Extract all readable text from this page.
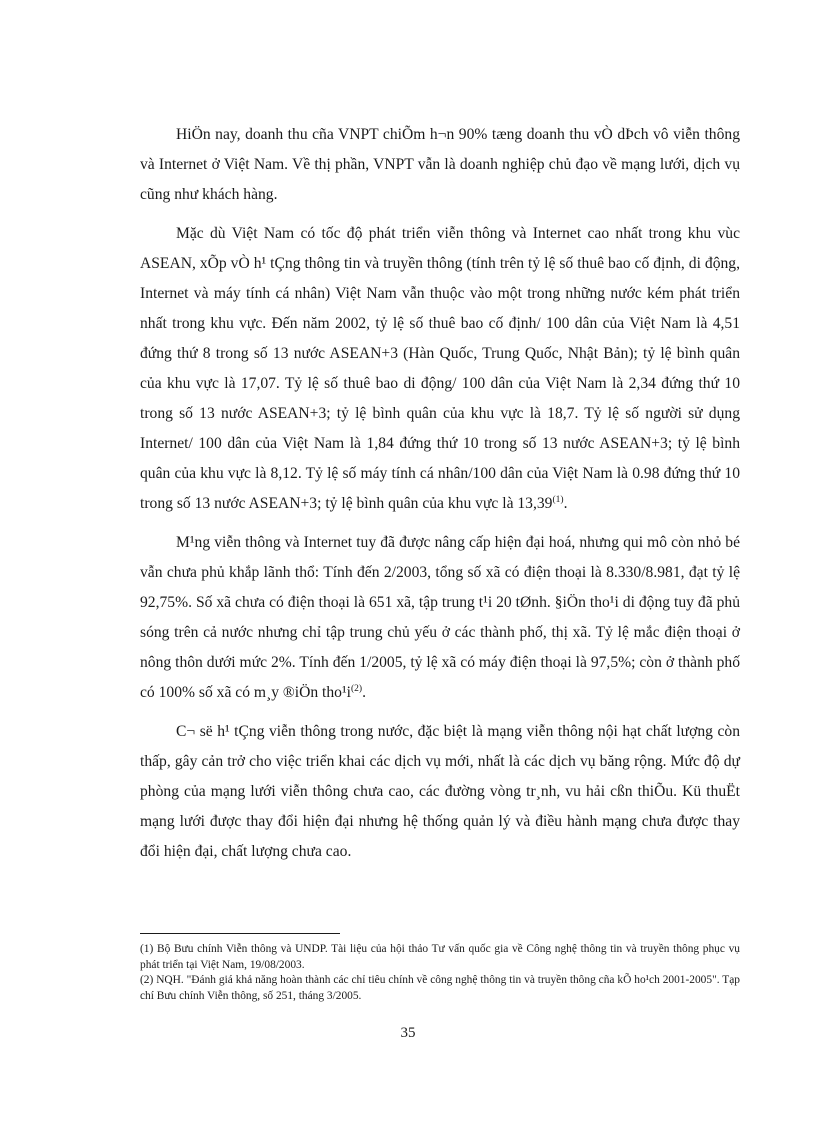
HiÖn nay, doanh thu cña VNPT chiÕm h¬n 90% tæng doanh thu vÒ dÞch vô viễn thông và Internet ở Việt Nam. Về thị phần, VNPT vẫn là doanh nghiệp chủ đạo về mạng lưới, dịch vụ cũng như khách hàng.

Mặc dù Việt Nam có tốc độ phát triển viễn thông và Internet cao nhất trong khu vùc ASEAN, xÕp vÒ h¹ tÇng thông tin và truyền thông (tính trên tỷ lệ số thuê bao cố định, di động, Internet và máy tính cá nhân) Việt Nam vẫn thuộc vào một trong những nước kém phát triển nhất trong khu vực. Đến năm 2002, tỷ lệ số thuê bao cố định/ 100 dân của Việt Nam là 4,51 đứng thứ 8 trong số 13 nước ASEAN+3 (Hàn Quốc, Trung Quốc, Nhật Bản); tỷ lệ bình quân của khu vực là 17,07. Tỷ lệ số thuê bao di động/ 100 dân của Việt Nam là 2,34 đứng thứ 10 trong số 13 nước ASEAN+3; tỷ lệ bình quân của khu vực là 18,7. Tỷ lệ số người sử dụng Internet/ 100 dân của Việt Nam là 1,84 đứng thứ 10 trong số 13 nước ASEAN+3; tỷ lệ bình quân của khu vực là 8,12. Tỷ lệ số máy tính cá nhân/100 dân của Việt Nam là 0.98 đứng thứ 10 trong số 13 nước ASEAN+3; tỷ lệ bình quân của khu vực là 13,39$^{(1)}$.

M¹ng viễn thông và Internet tuy đã được nâng cấp hiện đại hoá, nhưng qui mô còn nhỏ bé vẫn chưa phủ khắp lãnh thổ: Tính đến 2/2003, tổng số xã có điện thoại là 8.330/8.981, đạt tỷ lệ 92,75%. Số xã chưa có điện thoại là 651 xã, tập trung t¹i 20 tØnh. §iÖn tho¹i di động tuy đã phủ sóng trên cả nước nhưng chỉ tập trung chủ yếu ở các thành phố, thị xã. Tỷ lệ mắc điện thoại ở nông thôn dưới mức 2%. Tính đến 1/2005, tỷ lệ xã có máy điện thoại là 97,5%; còn ở thành phố có 100% số xã có m¸y ®iÖn $tho^1i^{(2)}$.

C¬ së h¹ tÇng viễn thông trong nước, đặc biệt là mạng viễn thông nội hạt chất lượng còn thấp, gây cản trở cho việc triển khai các dịch vụ mới, nhất là các dịch vụ băng rộng. Mức độ dự phòng của mạng lưới viễn thông chưa cao, các đường vòng tr¸nh, vu hải cßn thiÕu. Kü thuËt mạng lưới được thay đổi hiện đại nhưng hệ thống quản lý và điều hành mạng chưa được thay đổi hiện đại, chất lượng chưa cao.

(1) Bộ Bưu chính Viễn thông và UNDP. Tài liệu của hội thảo Tư vấn quốc gia về Công nghệ thông tin và truyền thông phục vụ phát triển tại Việt Nam, 19/08/2003.

(2) NQH. "Đánh giá khả năng hoàn thành các chỉ tiêu chính về công nghệ thông tin và truyền thông cña kÕ ho¹ch 2001-2005". Tạp chí Bưu chính Viễn thông, số 251, tháng 3/2005.

35
